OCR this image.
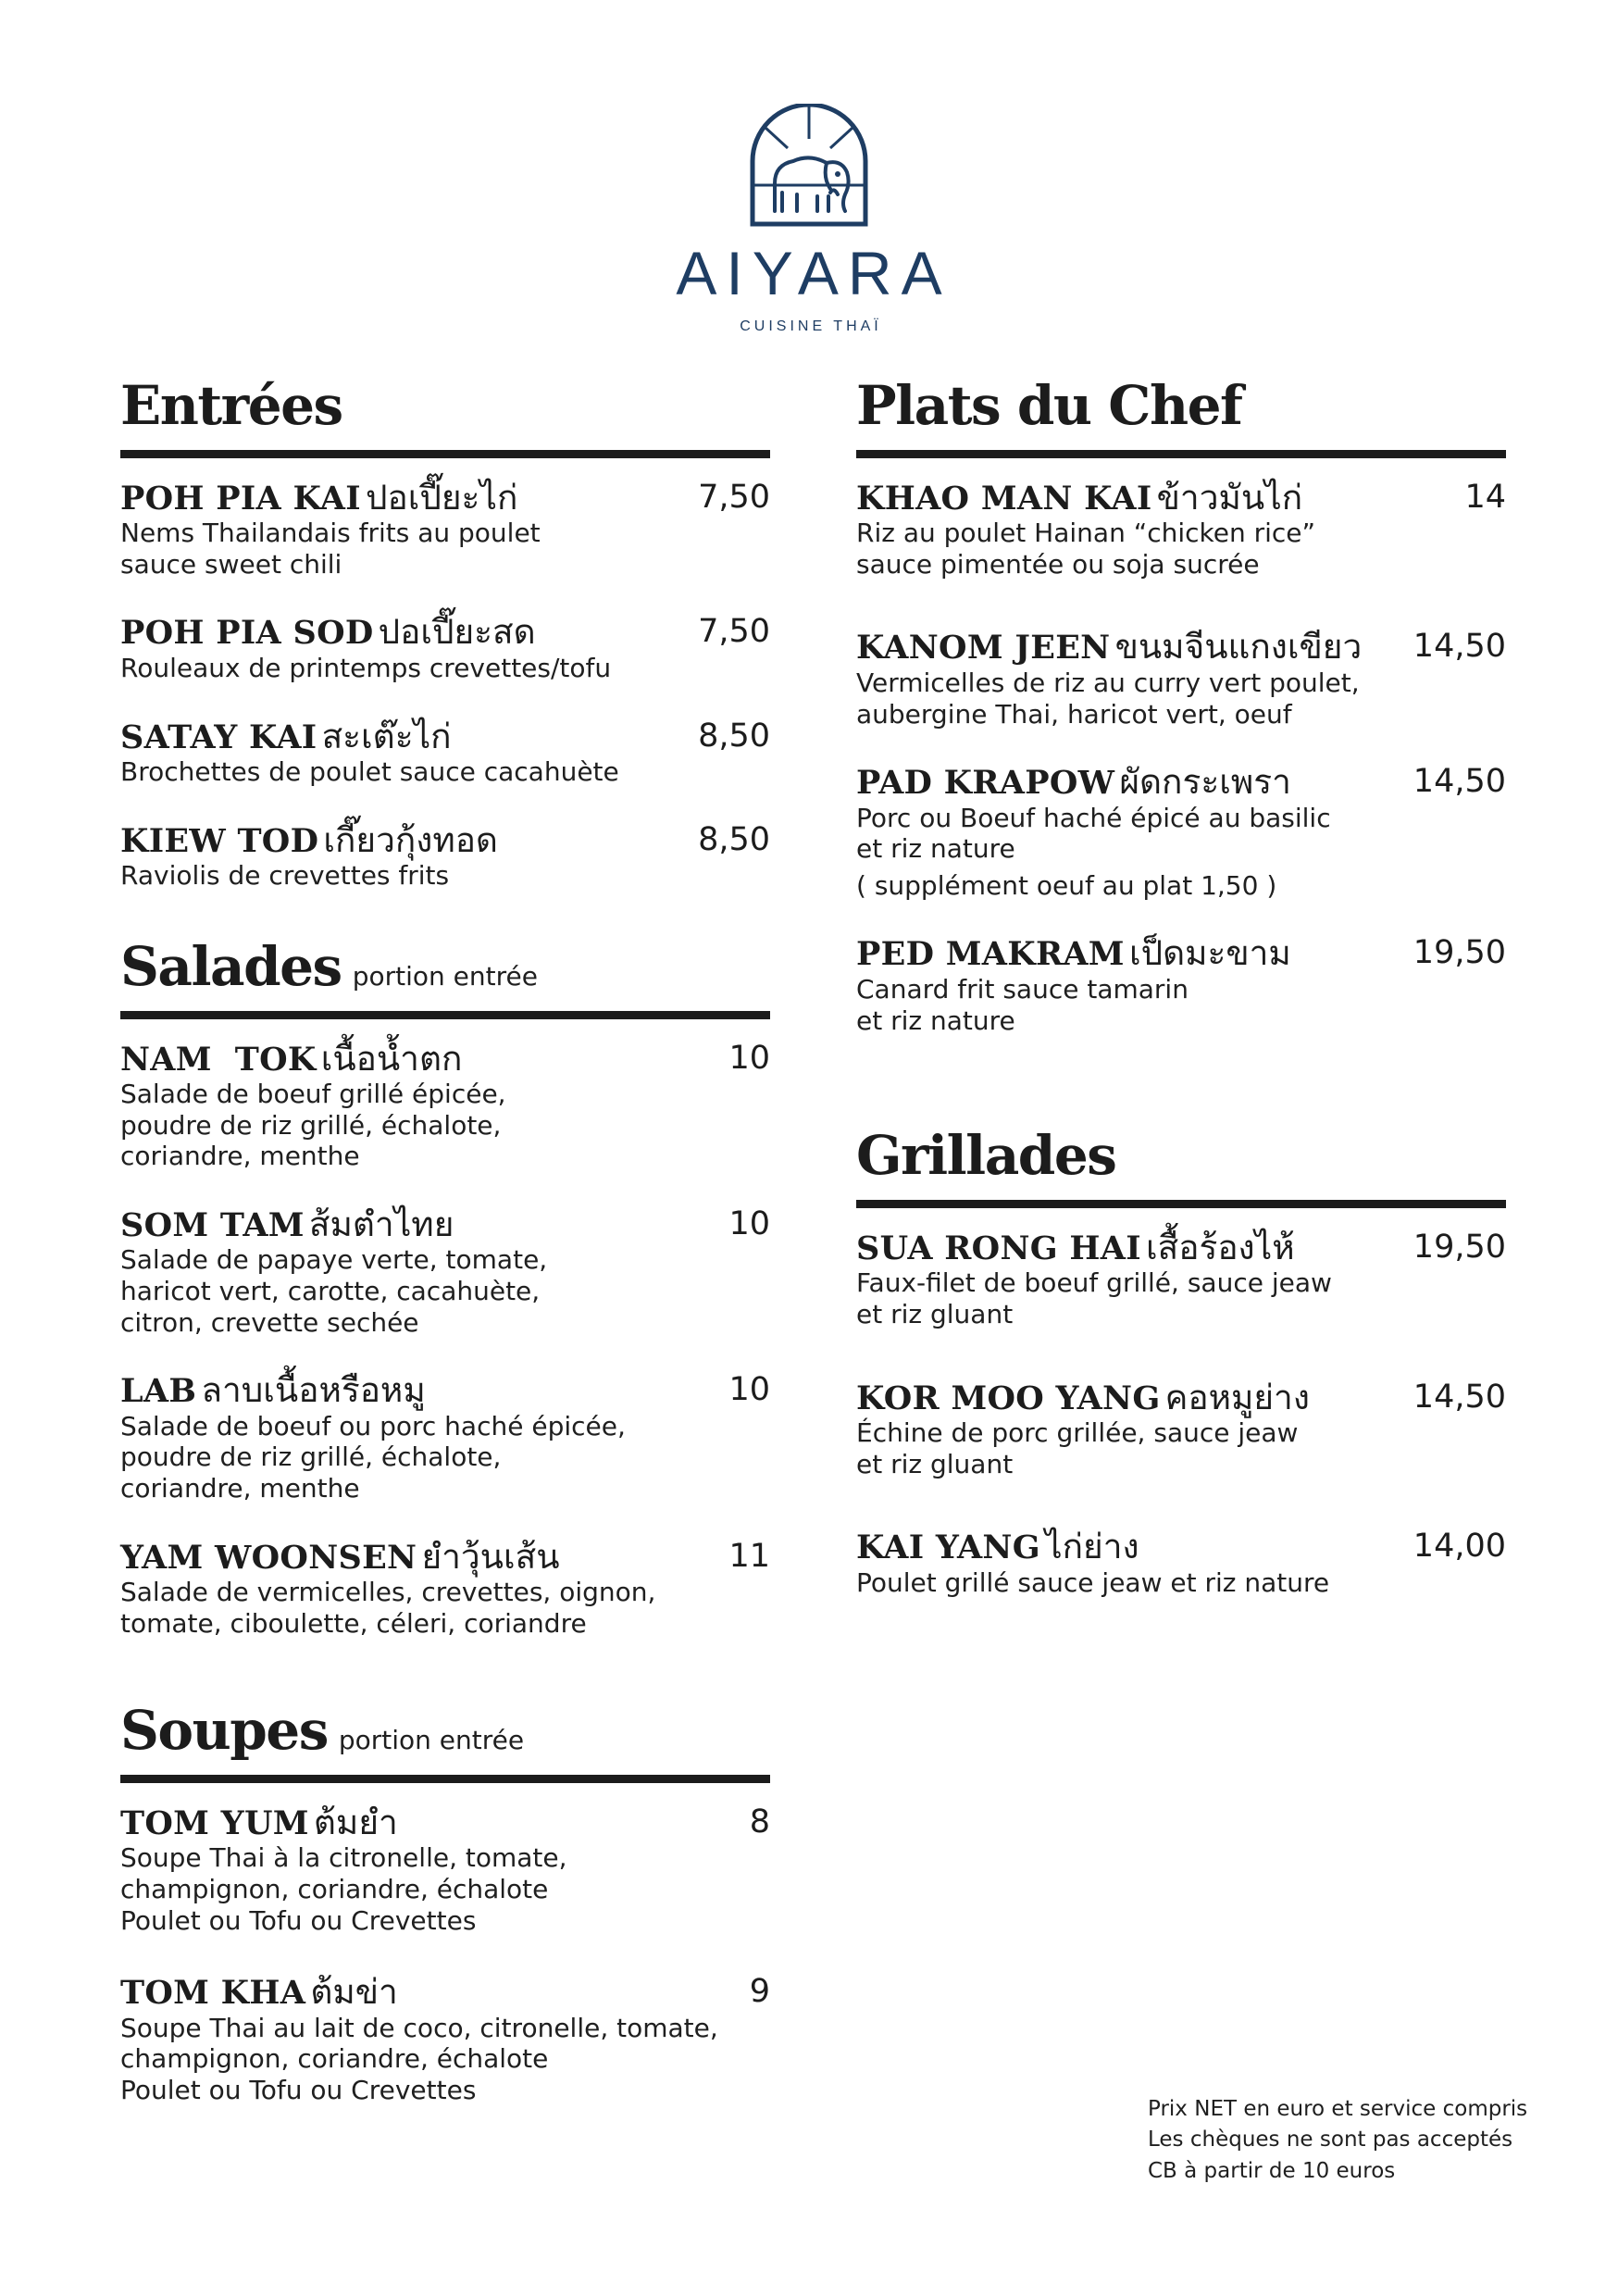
AIYARA
CUISINE THAÏ
Entrées
POH PIA KAI ปอเปี๊ยะไก่	7,50
Nems Thailandais frits au poulet
sauce sweet chili
POH PIA SOD ปอเปี๊ยะสด	7,50
Rouleaux de printemps crevettes/tofu
SATAY KAI สะเต๊ะไก่	8,50
Brochettes de poulet sauce cacahuète
KIEW TOD เกี๊ยวกุ้งทอด	8,50
Raviolis de crevettes frits
Salades portion entrée
NAM  TOK เนื้อน้ำตก	10
Salade de boeuf grillé épicée,
poudre de riz grillé, échalote,
coriandre, menthe
SOM TAM ส้มตำไทย	10
Salade de papaye verte, tomate,
haricot vert, carotte, cacahuète,
citron, crevette sechée
LAB ลาบเนื้อหรือหมู	10
Salade de boeuf ou porc haché épicée,
poudre de riz grillé, échalote,
coriandre, menthe
YAM WOONSEN ยำวุ้นเส้น	11
Salade de vermicelles, crevettes, oignon,
tomate, ciboulette, céleri, coriandre
Soupes portion entrée
TOM YUM ต้มยำ	8
Soupe Thai à la citronelle, tomate,
champignon, coriandre, échalote
Poulet ou Tofu ou Crevettes
TOM KHA ต้มข่า	9
Soupe Thai au lait de coco, citronelle, tomate,
champignon, coriandre, échalote
Poulet ou Tofu ou Crevettes
Plats du Chef
KHAO MAN KAI ข้าวมันไก่	14
Riz au poulet Hainan “chicken rice”
sauce pimentée ou soja sucrée
KANOM JEEN ขนมจีนแกงเขียว	14,50
Vermicelles de riz au curry vert poulet,
aubergine Thai, haricot vert, oeuf
PAD KRAPOW ผัดกระเพรา	14,50
Porc ou Boeuf haché épicé au basilic
et riz nature
( supplément oeuf au plat 1,50 )
PED MAKRAM เป็ดมะขาม	19,50
Canard frit sauce tamarin
et riz nature
Grillades
SUA RONG HAI เสื้อร้องไห้	19,50
Faux-filet de boeuf grillé, sauce jeaw
et riz gluant
KOR MOO YANG คอหมูย่าง	14,50
Échine de porc grillée, sauce jeaw
et riz gluant
KAI YANG ไก่ย่าง	14,00
Poulet grillé sauce jeaw et riz nature
Prix NET en euro et service compris
Les chèques ne sont pas acceptés
CB à partir de 10 euros
